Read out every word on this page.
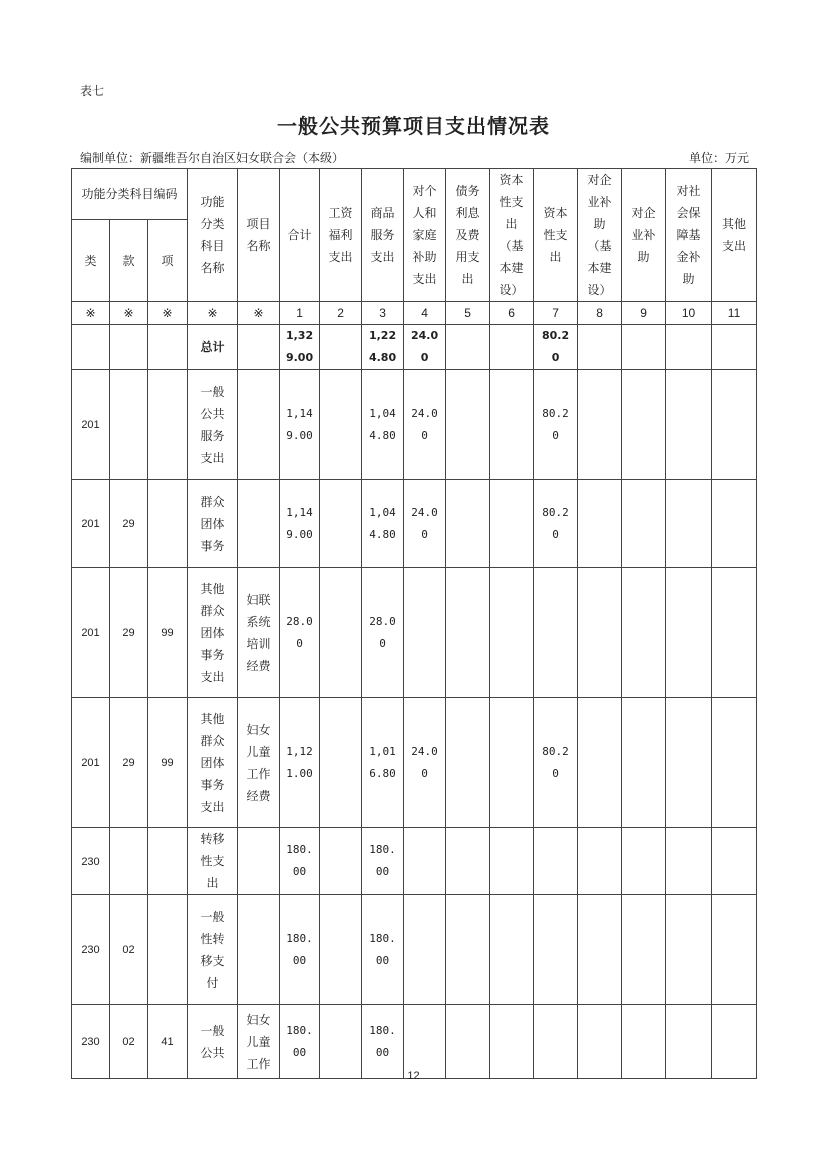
表七
一般公共预算项目支出情况表
编制单位：新疆维吾尔自治区妇女联合会（本级）	单位：万元
功能分类科目编码			功能分类科目名称	项目名称	合计	工资福利支出	商品服务支出	对个人和家庭补助支出	债务利息及费用支出	资本性支出（基本建设）	资本性支出	对企业补助（基本建设）	对企业补助	对社会保障基金补助	其他支出
类	款	项													
※	※	※	※	※	1	2	3	4	5	6	7	8	9	10	11
			总计		1,329.00		1,224.80	24.00			80.20				
201			一般公共服务支出		1,149.00		1,044.80	24.00			80.20				
201	29		群众团体事务		1,149.00		1,044.80	24.00			80.20				
201	29	99	其他群众团体事务支出	妇联系统培训经费	28.00		28.00								
201	29	99	其他群众团体事务支出	妇女儿童工作经费	1,121.00		1,016.80	24.00			80.20				
230			转移性支出		180.00		180.00								
230	02		一般性转移支付		180.00		180.00								
230	02	41	一般公共	妇女儿童工作	180.00		180.00								
12
